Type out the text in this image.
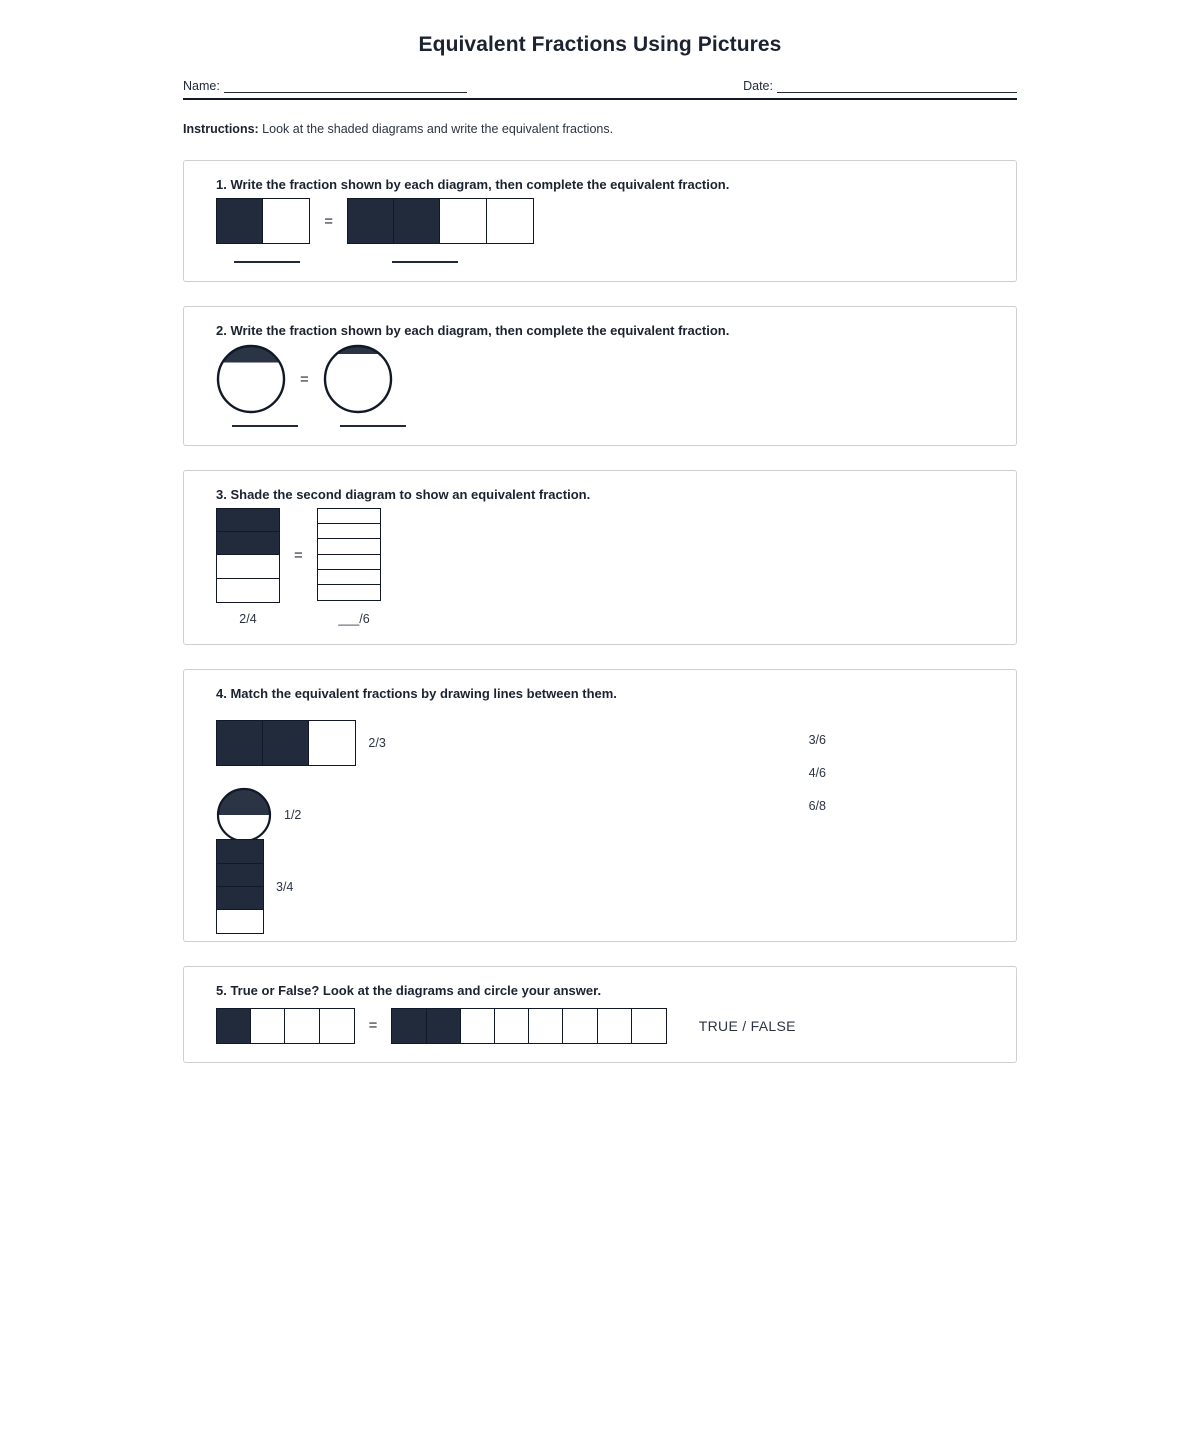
Equivalent Fractions Using Pictures
Name:	Date:
Instructions: Look at the shaded diagrams and write the equivalent fractions.
1. Write the fraction shown by each diagram, then complete the equivalent fraction.
=
2. Write the fraction shown by each diagram, then complete the equivalent fraction.
=
3. Shade the second diagram to show an equivalent fraction.
=
2/4	___/6
4. Match the equivalent fractions by drawing lines between them.
2/3
1/2
3/4
3/6
4/6
6/8
5. True or False? Look at the diagrams and circle your answer.
=	TRUE / FALSE
